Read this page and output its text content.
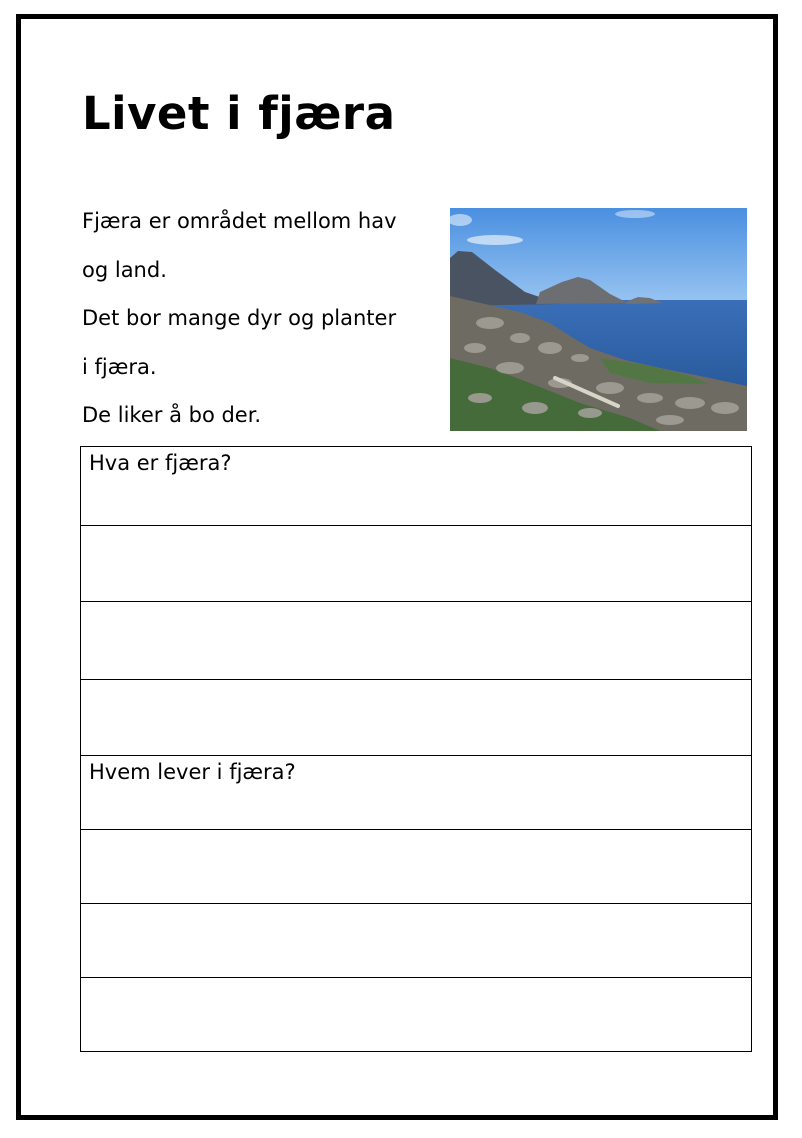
Livet i fjæra
Fjæra er området mellom hav
og land.
Det bor mange dyr og planter
i fjæra.
De liker å bo der.
Hva er fjæra?

Hvem lever i fjæra?
